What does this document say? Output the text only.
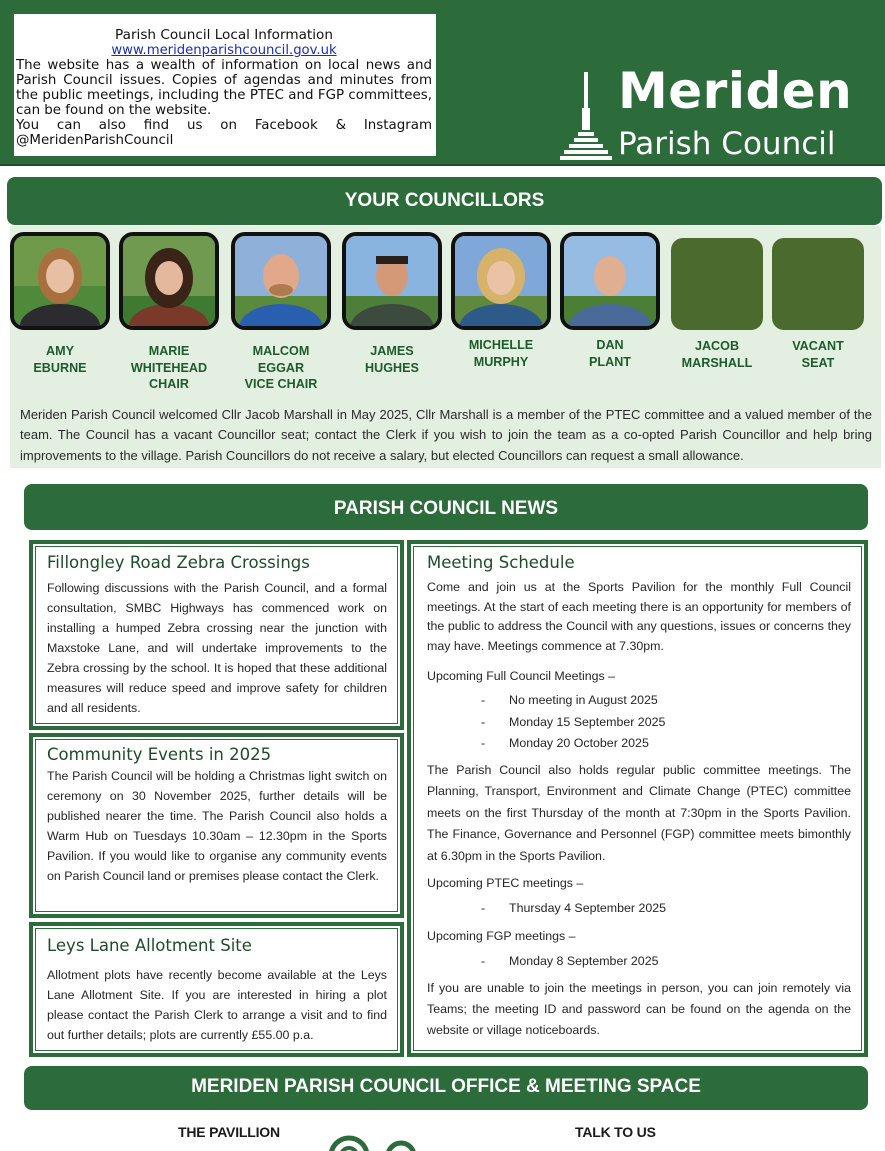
Parish Council Local Information
www.meridenparishcouncil.gov.uk
The website has a wealth of information on local news and Parish Council issues. Copies of agendas and minutes from the public meetings, including the PTEC and FGP committees, can be found on the website.
You can also find us on Facebook & Instagram @MeridenParishCouncil
Meriden
Parish Council
YOUR COUNCILLORS
AMY
EBURNE
MARIE
WHITEHEAD
CHAIR
MALCOM
EGGAR
VICE CHAIR
JAMES
HUGHES
MICHELLE
MURPHY
DAN
PLANT
JACOB
MARSHALL
VACANT
SEAT
Meriden Parish Council welcomed Cllr Jacob Marshall in May 2025, Cllr Marshall is a member of the PTEC committee and a valued member of the team. The Council has a vacant Councillor seat; contact the Clerk if you wish to join the team as a co-opted Parish Councillor and help bring improvements to the village. Parish Councillors do not receive a salary, but elected Councillors can request a small allowance.
PARISH COUNCIL NEWS
Fillongley Road Zebra Crossings
Following discussions with the Parish Council, and a formal consultation, SMBC Highways has commenced work on installing a humped Zebra crossing near the junction with Maxstoke Lane, and will undertake improvements to the Zebra crossing by the school. It is hoped that these additional measures will reduce speed and improve safety for children and all residents.
Community Events in 2025
The Parish Council will be holding a Christmas light switch on ceremony on 30 November 2025, further details will be published nearer the time. The Parish Council also holds a Warm Hub on Tuesdays 10.30am – 12.30pm in the Sports Pavilion. If you would like to organise any community events on Parish Council land or premises please contact the Clerk.
Leys Lane Allotment Site
Allotment plots have recently become available at the Leys Lane Allotment Site. If you are interested in hiring a plot please contact the Parish Clerk to arrange a visit and to find out further details; plots are currently £55.00 p.a.
Meeting Schedule
Come and join us at the Sports Pavilion for the monthly Full Council meetings. At the start of each meeting there is an opportunity for members of the public to address the Council with any questions, issues or concerns they may have. Meetings commence at 7.30pm.
Upcoming Full Council Meetings –
- No meeting in August 2025
- Monday 15 September 2025
- Monday 20 October 2025
The Parish Council also holds regular public committee meetings. The Planning, Transport, Environment and Climate Change (PTEC) committee meets on the first Thursday of the month at 7:30pm in the Sports Pavilion. The Finance, Governance and Personnel (FGP) committee meets bimonthly at 6.30pm in the Sports Pavilion.
Upcoming PTEC meetings –
- Thursday 4 September 2025
Upcoming FGP meetings –
- Monday 8 September 2025
If you are unable to join the meetings in person, you can join remotely via Teams; the meeting ID and password can be found on the agenda on the website or village noticeboards.
MERIDEN PARISH COUNCIL OFFICE & MEETING SPACE
THE PAVILLION	TALK TO US
